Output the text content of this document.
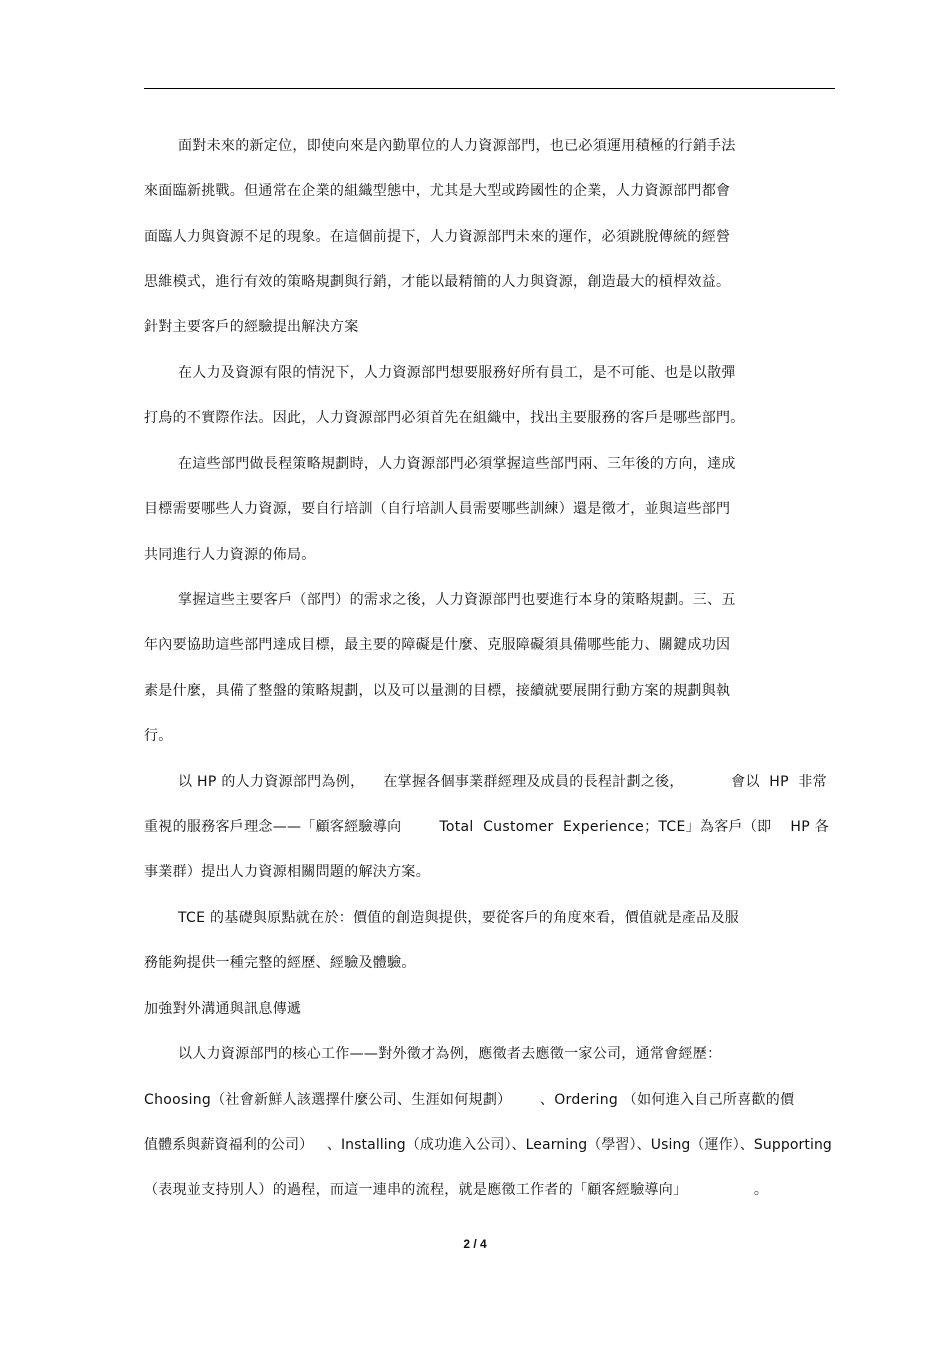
面對未來的新定位，即使向來是內勤單位的人力資源部門，也已必須運用積極的行銷手法
來面臨新挑戰。但通常在企業的組織型態中，尤其是大型或跨國性的企業，人力資源部門都會
面臨人力與資源不足的現象。在這個前提下，人力資源部門未來的運作，必須跳脫傳統的經營
思維模式，進行有效的策略規劃與行銷，才能以最精簡的人力與資源，創造最大的槓桿效益。
針對主要客戶的經驗提出解決方案
在人力及資源有限的情況下，人力資源部門想要服務好所有員工，是不可能、也是以散彈
打鳥的不實際作法。因此，人力資源部門必須首先在組織中，找出主要服務的客戶是哪些部門。
在這些部門做長程策略規劃時，人力資源部門必須掌握這些部門兩、三年後的方向，達成
目標需要哪些人力資源，要自行培訓（自行培訓人員需要哪些訓練）還是徵才，並與這些部門
共同進行人力資源的佈局。
掌握這些主要客戶（部門）的需求之後，人力資源部門也要進行本身的策略規劃。三、五
年內要協助這些部門達成目標，最主要的障礙是什麼、克服障礙須具備哪些能力、關鍵成功因
素是什麼，具備了整盤的策略規劃，以及可以量測的目標，接續就要展開行動方案的規劃與執
行。
以 HP 的人力資源部門為例，    在掌握各個事業群經理及成員的長程計劃之後，          會以  HP  非常
重視的服務客戶理念——「顧客經驗導向        Total  Customer  Experience；TCE」為客戶（即    HP 各
事業群）提出人力資源相關問題的解決方案。
TCE 的基礎與原點就在於：價值的創造與提供，要從客戶的角度來看，價值就是產品及服
務能夠提供一種完整的經歷、經驗及體驗。
加強對外溝通與訊息傳遞
以人力資源部門的核心工作——對外徵才為例，應徵者去應徵一家公司，通常會經歷：
Choosing（社會新鮮人該選擇什麼公司、生涯如何規劃）      、Ordering （如何進入自己所喜歡的價
值體系與薪資福利的公司）   、Installing（成功進入公司）、Learning（學習）、Using（運作）、Supporting
（表現並支持別人）的過程，而這一連串的流程，就是應徵工作者的「顧客經驗導向」              。
2 / 4
